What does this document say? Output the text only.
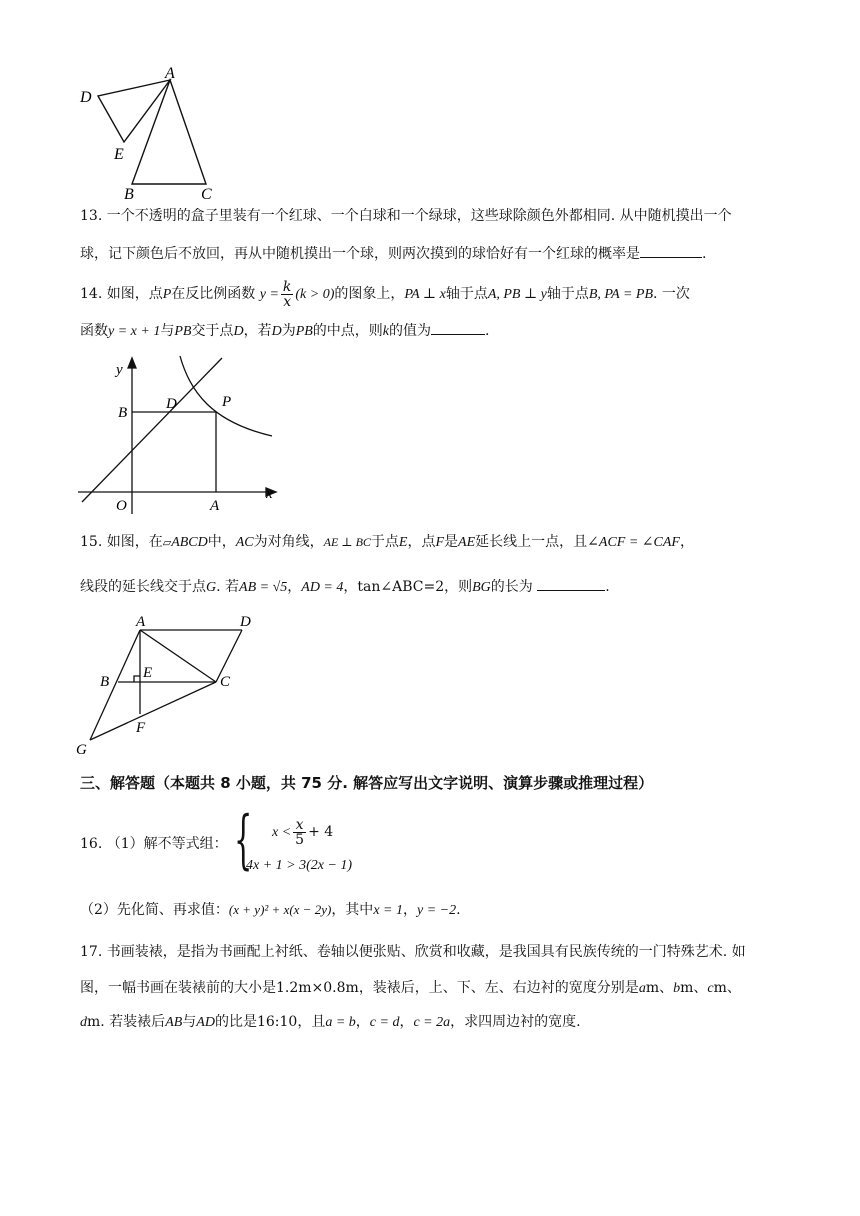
A
D
E
B	C
13. 一个不透明的盒子里装有一个红球、一个白球和一个绿球，这些球除颜色外都相同. 从中随机摸出一个
球，记下颜色后不放回，再从中随机摸出一个球，则两次摸到的球恰好有一个红球的概率是	.
14. 如图，点P在反比例函数 $y = \frac{k}{x} (k > 0)$的图象上，PA ⊥ x轴于点A, PB ⊥ y轴于点B, PA = PB. 一次
函数y = x + 1与PB交于点D，若D为PB的中点，则k的值为	.
y
x
B
D	P
O	A
15. 如图，在▱ABCD中，AC为对角线，AE ⊥ BC于点E，点F是AE延长线上一点，且∠ACF = ∠CAF，
线段的延长线交于点G. 若AB = √5，AD = 4，tan∠ABC=2，则BG的长为	.
A	D
B
E
C
F
G
三、解答题（本题共 8 小题，共 75 分. 解答应写出文字说明、演算步骤或推理过程）
16. （1）解不等式组： { $x < \frac{x}{5} + 4$
4x + 1 > 3(2x − 1)
（2）先化简、再求值：(x + y)² + x(x − 2y)，其中x = 1，y = −2.
17. 书画装裱，是指为书画配上衬纸、卷轴以便张贴、欣赏和收藏，是我国具有民族传统的一门特殊艺术. 如
图，一幅书画在装裱前的大小是1.2m×0.8m，装裱后，上、下、左、右边衬的宽度分别是am、bm、cm、
dm. 若装裱后AB与AD的比是16:10，且a = b，c = d，c = 2a，求四周边衬的宽度.
